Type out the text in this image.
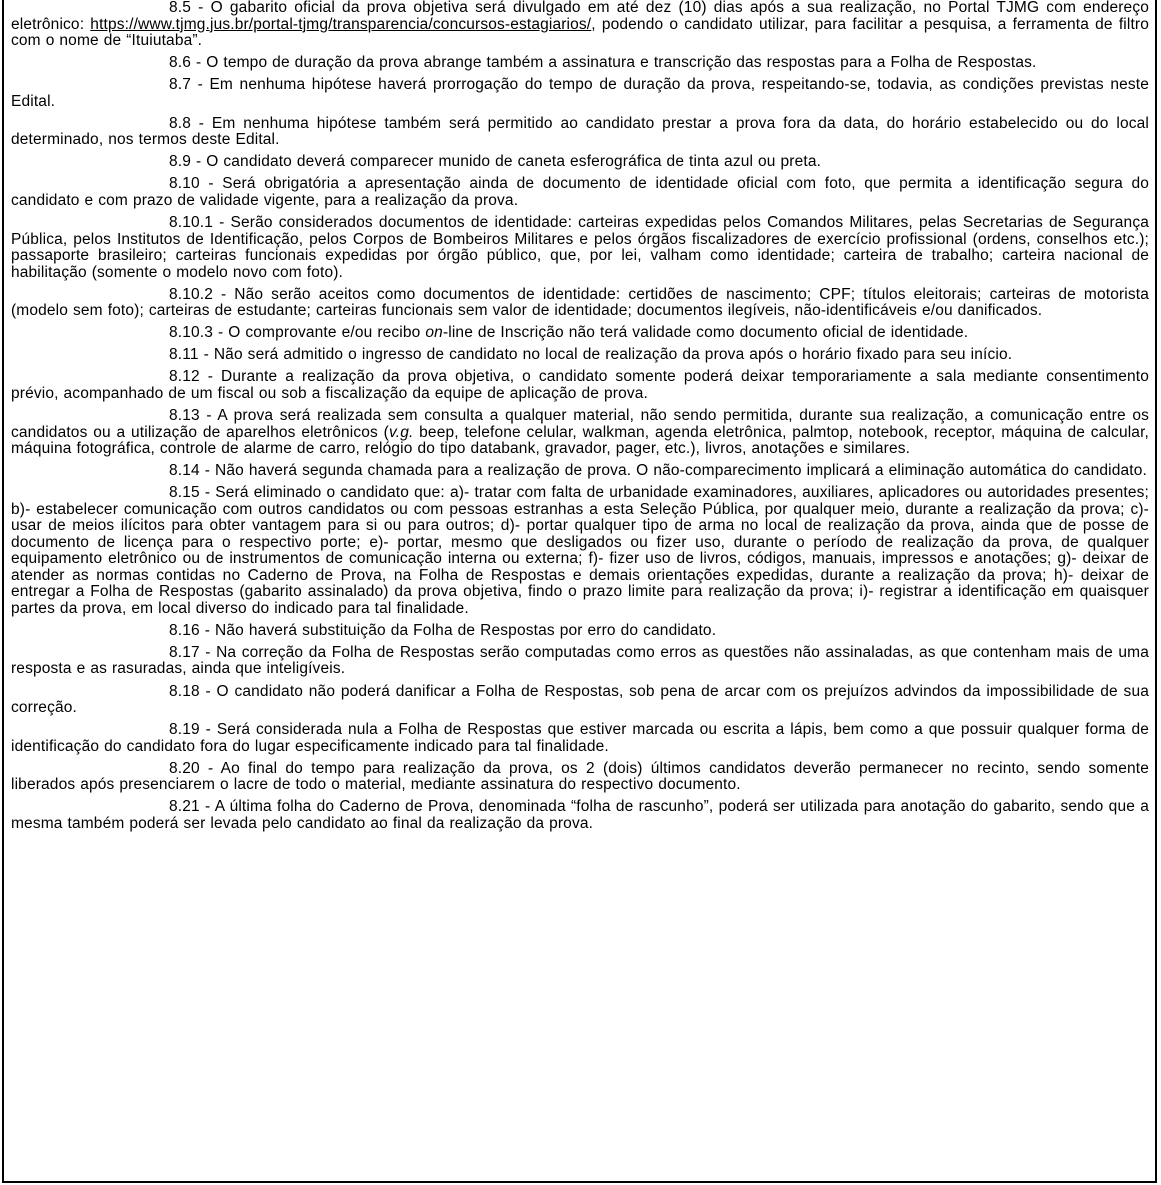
8.5 - O gabarito oficial da prova objetiva será divulgado em até dez (10) dias após a sua realização, no Portal TJMG com endereço eletrônico: https://www.tjmg.jus.br/portal-tjmg/transparencia/concursos-estagiarios/, podendo o candidato utilizar, para facilitar a pesquisa, a ferramenta de filtro com o nome de “Ituiutaba”.

8.6 - O tempo de duração da prova abrange também a assinatura e transcrição das respostas para a Folha de Respostas.

8.7 - Em nenhuma hipótese haverá prorrogação do tempo de duração da prova, respeitando-se, todavia, as condições previstas neste Edital.

8.8 - Em nenhuma hipótese também será permitido ao candidato prestar a prova fora da data, do horário estabelecido ou do local determinado, nos termos deste Edital.

8.9 - O candidato deverá comparecer munido de caneta esferográfica de tinta azul ou preta.

8.10 - Será obrigatória a apresentação ainda de documento de identidade oficial com foto, que permita a identificação segura do candidato e com prazo de validade vigente, para a realização da prova.

8.10.1 - Serão considerados documentos de identidade: carteiras expedidas pelos Comandos Militares, pelas Secretarias de Segurança Pública, pelos Institutos de Identificação, pelos Corpos de Bombeiros Militares e pelos órgãos fiscalizadores de exercício profissional (ordens, conselhos etc.); passaporte brasileiro; carteiras funcionais expedidas por órgão público, que, por lei, valham como identidade; carteira de trabalho; carteira nacional de habilitação (somente o modelo novo com foto).

8.10.2 - Não serão aceitos como documentos de identidade: certidões de nascimento; CPF; títulos eleitorais; carteiras de motorista (modelo sem foto); carteiras de estudante; carteiras funcionais sem valor de identidade; documentos ilegíveis, não-identificáveis e/ou danificados.

8.10.3 - O comprovante e/ou recibo on-line de Inscrição não terá validade como documento oficial de identidade.

8.11 - Não será admitido o ingresso de candidato no local de realização da prova após o horário fixado para seu início.

8.12 - Durante a realização da prova objetiva, o candidato somente poderá deixar temporariamente a sala mediante consentimento prévio, acompanhado de um fiscal ou sob a fiscalização da equipe de aplicação de prova.

8.13 - A prova será realizada sem consulta a qualquer material, não sendo permitida, durante sua realização, a comunicação entre os candidatos ou a utilização de aparelhos eletrônicos (v.g. beep, telefone celular, walkman, agenda eletrônica, palmtop, notebook, receptor, máquina de calcular, máquina fotográfica, controle de alarme de carro, relógio do tipo databank, gravador, pager, etc.), livros, anotações e similares.

8.14 - Não haverá segunda chamada para a realização de prova. O não-comparecimento implicará a eliminação automática do candidato.

8.15 - Será eliminado o candidato que: a)- tratar com falta de urbanidade examinadores, auxiliares, aplicadores ou autoridades presentes; b)- estabelecer comunicação com outros candidatos ou com pessoas estranhas a esta Seleção Pública, por qualquer meio, durante a realização da prova; c)- usar de meios ilícitos para obter vantagem para si ou para outros; d)- portar qualquer tipo de arma no local de realização da prova, ainda que de posse de documento de licença para o respectivo porte; e)- portar, mesmo que desligados ou fizer uso, durante o período de realização da prova, de qualquer equipamento eletrônico ou de instrumentos de comunicação interna ou externa; f)- fizer uso de livros, códigos, manuais, impressos e anotações; g)- deixar de atender as normas contidas no Caderno de Prova, na Folha de Respostas e demais orientações expedidas, durante a realização da prova; h)- deixar de entregar a Folha de Respostas (gabarito assinalado) da prova objetiva, findo o prazo limite para realização da prova; i)- registrar a identificação em quaisquer partes da prova, em local diverso do indicado para tal finalidade.

8.16 - Não haverá substituição da Folha de Respostas por erro do candidato.

8.17 - Na correção da Folha de Respostas serão computadas como erros as questões não assinaladas, as que contenham mais de uma resposta e as rasuradas, ainda que inteligíveis.

8.18 - O candidato não poderá danificar a Folha de Respostas, sob pena de arcar com os prejuízos advindos da impossibilidade de sua correção.

8.19 - Será considerada nula a Folha de Respostas que estiver marcada ou escrita a lápis, bem como a que possuir qualquer forma de identificação do candidato fora do lugar especificamente indicado para tal finalidade.

8.20 - Ao final do tempo para realização da prova, os 2 (dois) últimos candidatos deverão permanecer no recinto, sendo somente liberados após presenciarem o lacre de todo o material, mediante assinatura do respectivo documento.

8.21 - A última folha do Caderno de Prova, denominada “folha de rascunho”, poderá ser utilizada para anotação do gabarito, sendo que a mesma também poderá ser levada pelo candidato ao final da realização da prova.
